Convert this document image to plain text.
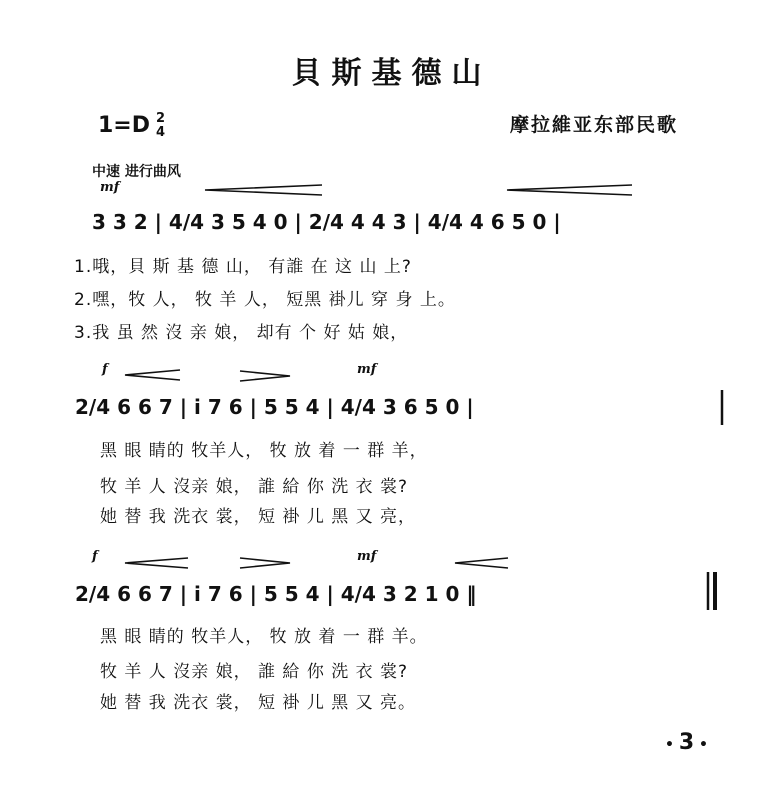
貝斯基德山
1=D 2
4	摩拉維亚东部民歌
中速 进行曲风
mf
3 3 2 | 4/4 3 5 4 0 | 2/4 4 4 3 | 4/4 4 6 5 0 |
1.哦，貝 斯 基 德 山， 有誰 在 这 山 上?
2.嘿，牧 人， 牧 羊 人， 短黑 褂儿 穿 身 上。
3.我 虽 然 沒 亲 娘， 却有 个 好 姑 娘，
f	mf
2/4 6 6 7 | i 7 6 | 5 5 4 | 4/4 3 6 5 0 |
黑 眼 睛的 牧羊人， 牧 放 着 一 群 羊，
牧 羊 人 沒亲 娘， 誰 給 你 洗 衣 裳?
她 替 我 洗衣 裳， 短 褂 儿 黑 又 亮，
f	mf
2/4 6 6 7 | i 7 6 | 5 5 4 | 4/4 3 2 1 0 ‖
黑 眼 睛的 牧羊人， 牧 放 着 一 群 羊。
牧 羊 人 沒亲 娘， 誰 給 你 洗 衣 裳?
她 替 我 洗衣 裳， 短 褂 儿 黑 又 亮。
• 3 •
